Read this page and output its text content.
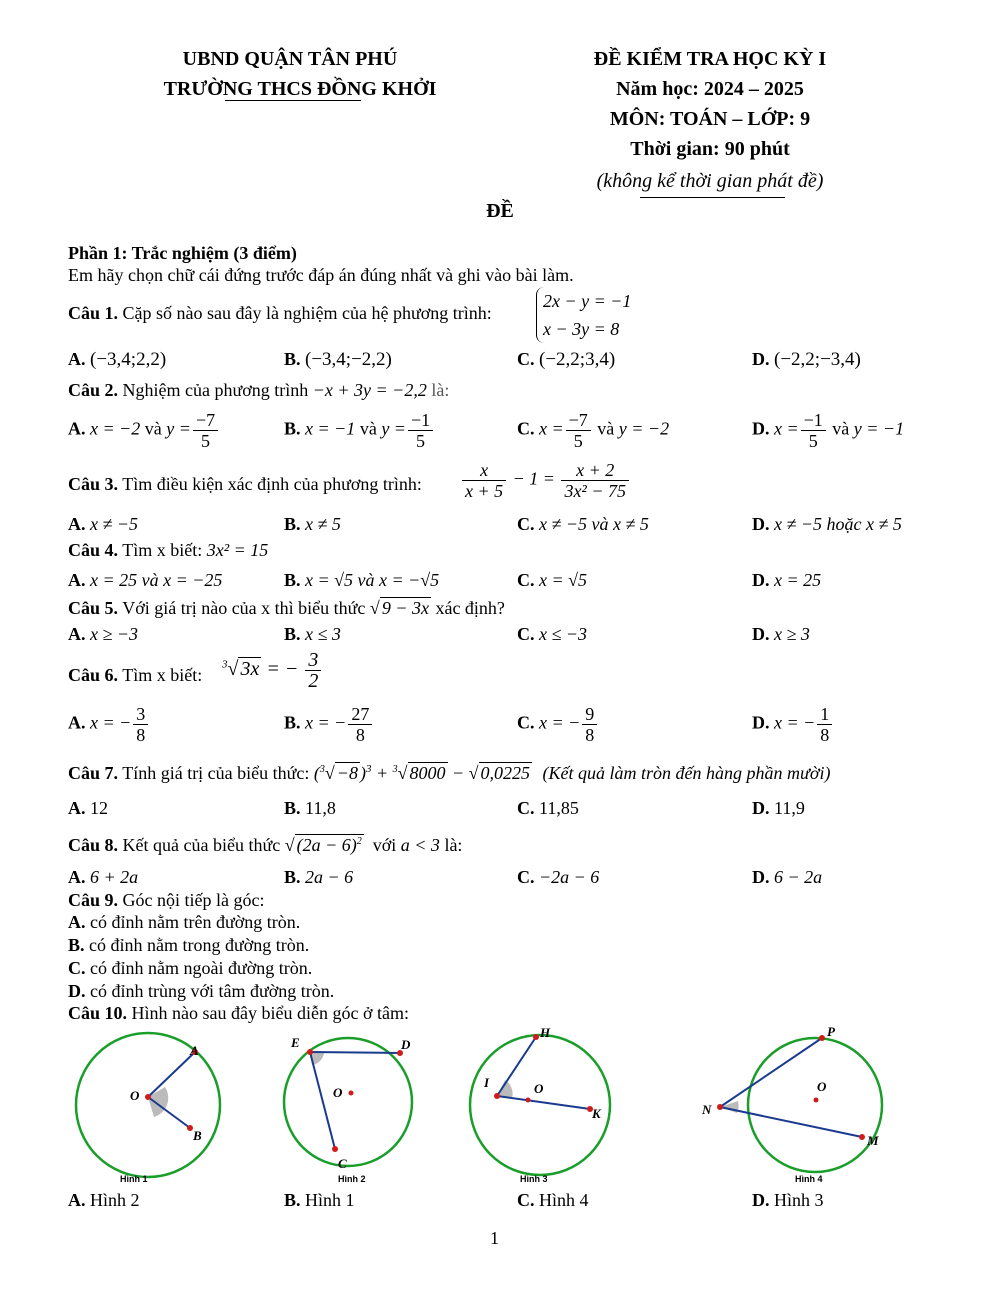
UBND QUẬN TÂN PHÚ
TRƯỜNG THCS ĐỒNG KHỞI
ĐỀ KIỂM TRA HỌC KỲ I
Năm học: 2024 – 2025
MÔN: TOÁN – LỚP: 9
Thời gian: 90 phút
(không kể thời gian phát đề)
ĐỀ
Phần 1: Trắc nghiệm (3 điểm)
Em hãy chọn chữ cái đứng trước đáp án đúng nhất và ghi vào bài làm.
Câu 1. Cặp số nào sau đây là nghiệm của hệ phương trình:
2x − y = −1
x − 3y = 8
A. (−3,4;2,2)	B. (−3,4;−2,2)	C. (−2,2;3,4)	D. (−2,2;−3,4)
Câu 2. Nghiệm của phương trình −x + 3y = −2,2 là:
A. x = −2 và $y = \frac{-7}{5}$	B. x = −1 và $y = \frac{-1}{5}$	C. $x = \frac{-7}{5}$ và y = −2	D. $x = \frac{-1}{5}$ và y = −1
Câu 3. Tìm điều kiện xác định của phương trình: $\frac{x}{x + 5} - 1 = \frac{x + 2}{\text{3x² − 75}}$
A. x ≠ −5	B. x ≠ 5	C. x ≠ −5 và x ≠ 5	D. x ≠ −5 hoặc x ≠ 5
Câu 4. Tìm x biết: 3x² = 15
A. x = 25 và x = −25	B. x = √5 và x = −√5	C. x = √5	D. x = 25
Câu 5. Với giá trị nào của x thì biểu thức √ 9 − 3x xác định?
A. x ≥ −3	B. x ≤ 3	C. x ≤ −3	D. x ≥ 3
Câu 6. Tìm x biết:
$^3$√ 3x = − $\frac{3}{2}$
A. x = − $\frac{3}{8}$	B. x = − $\frac{27}{8}$	C. x = − $\frac{9}{8}$	D. x = − $\frac{1}{8}$
Câu 7. Tính giá trị của biểu thức: ($^3$√ −8 )$^3$ + $^3$√ 8000 − √ 0,0225 (Kết quả làm tròn đến hàng phần mười)
A. 12	B. 11,8	C. 11,85	D. 11,9
Câu 8. Kết quả của biểu thức √ $(2a - 6)^2$ với a < 3 là:
A. 6 + 2a	B. 2a − 6	C. −2a − 6	D. 6 − 2a
Câu 9. Góc nội tiếp là góc:
A. có đỉnh nằm trên đường tròn.
B. có đỉnh nằm trong đường tròn.
C. có đỉnh nằm ngoài đường tròn.
D. có đỉnh trùng với tâm đường tròn.
Câu 10. Hình nào sau đây biểu diễn góc ở tâm:
O
A
B
Hình 1
E	D
C
O
Hình 2
H
I
K
O
Hình 3
P
N
M
O
Hình 4
A. Hình 2	B. Hình 1	C. Hình 4	D. Hình 3
1
